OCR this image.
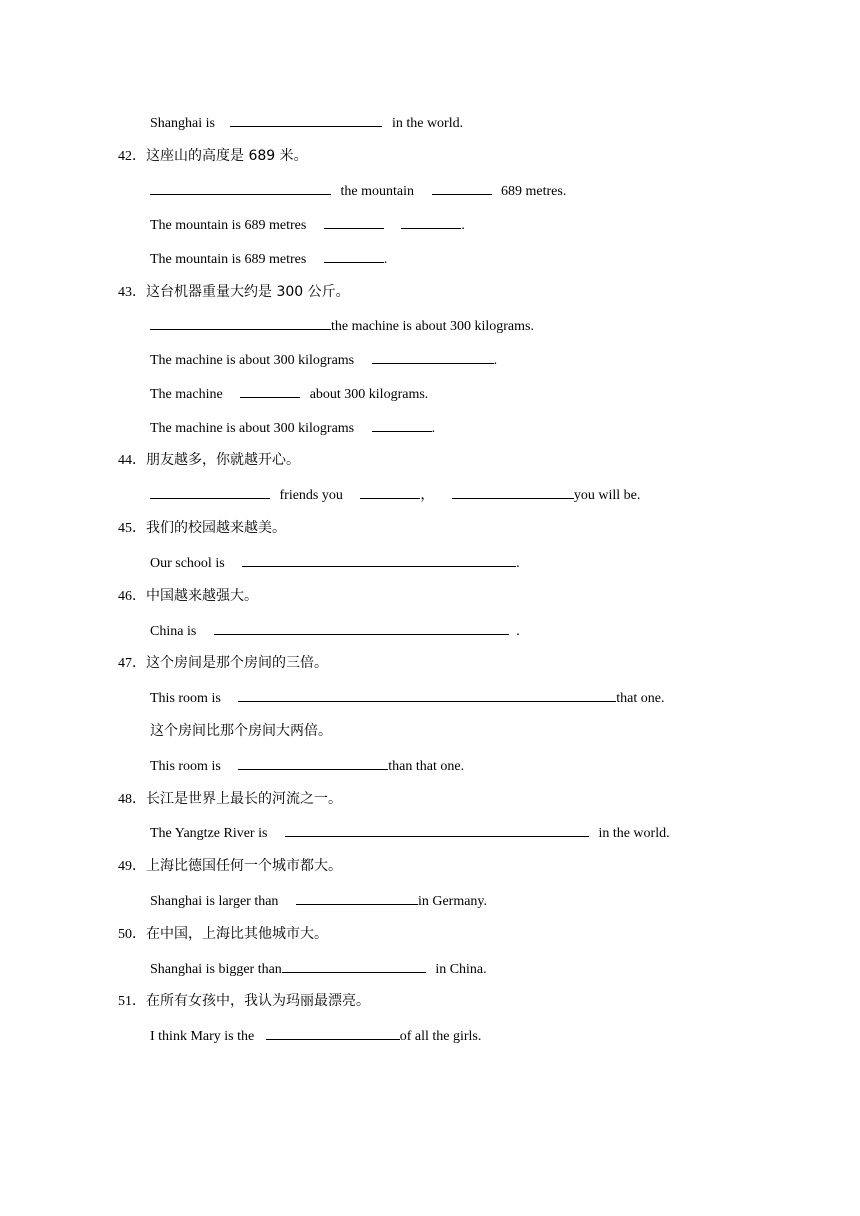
Shanghai is	in the world.
42．这座山的高度是 689 米。
the mountain	689 metres.
The mountain is 689 metres	.
The mountain is 689 metres	.
43．这台机器重量大约是 300 公斤。
the machine is about 300 kilograms.
The machine is about 300 kilograms	.
The machine	about 300 kilograms.
The machine is about 300 kilograms	.
44．朋友越多，你就越开心。
friends you	，	you will be.
45．我们的校园越来越美。
Our school is	.
46．中国越来越强大。
China is	.
47．这个房间是那个房间的三倍。
This room is	that one.
这个房间比那个房间大两倍。
This room is	than that one.
48．长江是世界上最长的河流之一。
The Yangtze River is	in the world.
49．上海比德国任何一个城市都大。
Shanghai is larger than	in Germany.
50．在中国，上海比其他城市大。
Shanghai is bigger than	in China.
51．在所有女孩中，我认为玛丽最漂亮。
I think Mary is the	of all the girls.
